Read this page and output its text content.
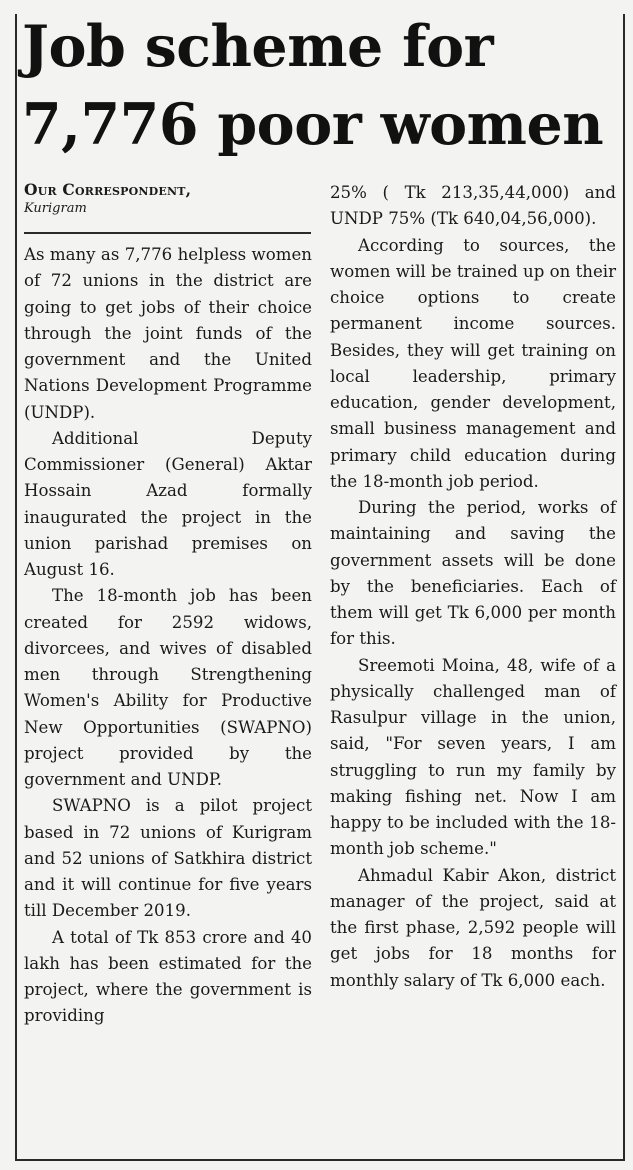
Job scheme for 7,776 poor women
Our Correspondent,
Kurigram

As many as 7,776 helpless women of 72 unions in the district are going to get jobs of their choice through the joint funds of the government and the United Nations Development Programme (UNDP).

Additional Deputy Commissioner (General) Aktar Hossain Azad formally inaugurated the project in the union parishad premises on August 16.

The 18-month job has been created for 2592 widows, divorcees, and wives of disabled men through Strengthening Women's Ability for Productive New Opportunities (SWAPNO) project provided by the government and UNDP.

SWAPNO is a pilot project based in 72 unions of Kurigram and 52 unions of Satkhira district and it will continue for five years till December 2019.

A total of Tk 853 crore and 40 lakh has been estimated for the project, where the government is providing

25% ( Tk 213,35,44,000) and UNDP 75% (Tk 640,04,56,000).

According to sources, the women will be trained up on their choice options to create permanent income sources. Besides, they will get training on local leadership, primary education, gender development, small business management and primary child education during the 18-month job period.

During the period, works of maintaining and saving the government assets will be done by the beneficiaries. Each of them will get Tk 6,000 per month for this.

Sreemoti Moina, 48, wife of a physically challenged man of Rasulpur village in the union, said, "For seven years, I am struggling to run my family by making fishing net. Now I am happy to be included with the 18-month job scheme."

Ahmadul Kabir Akon, district manager of the project, said at the first phase, 2,592 people will get jobs for 18 months for monthly salary of Tk 6,000 each.
